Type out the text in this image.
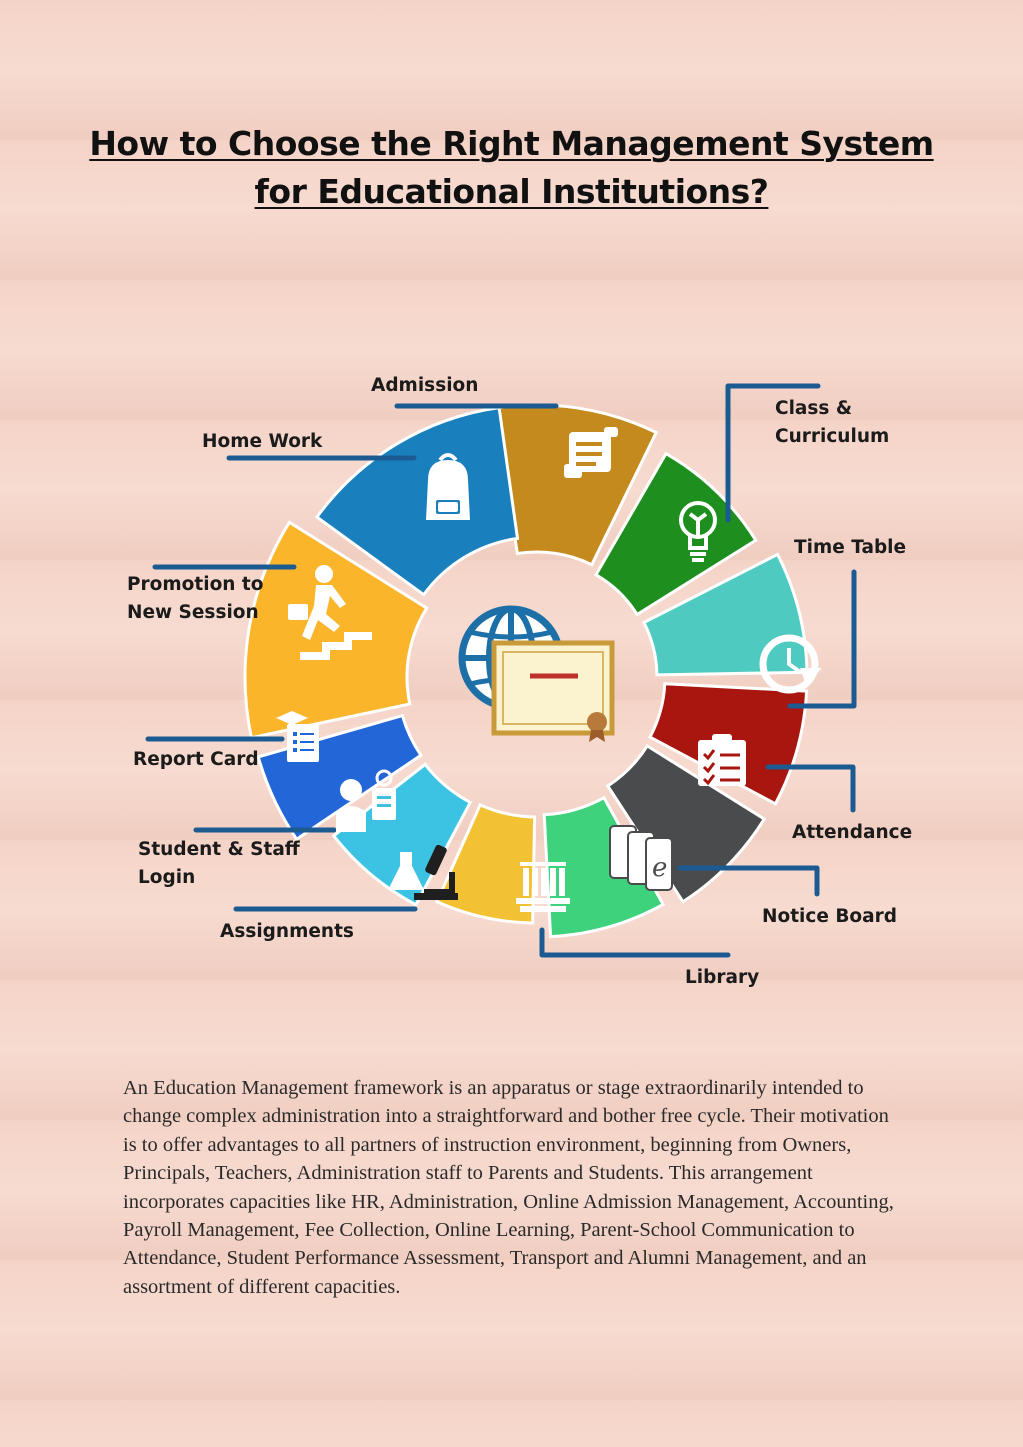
How to Choose the Right Management System
for Educational Institutions?
e
Admission
Class &
Curriculum
Time Table
Attendance
Notice Board
Library
Assignments
Student & Staff
Login
Report Card
Promotion to
New Session
Home Work

An Education Management framework is an apparatus or stage extraordinarily intended to change complex administration into a straightforward and bother free cycle. Their motivation is to offer advantages to all partners of instruction environment, beginning from Owners, Principals, Teachers, Administration staff to Parents and Students. This arrangement incorporates capacities like HR, Administration, Online Admission Management, Accounting, Payroll Management, Fee Collection, Online Learning, Parent-School Communication to Attendance, Student Performance Assessment, Transport and Alumni Management, and an assortment of different capacities.
